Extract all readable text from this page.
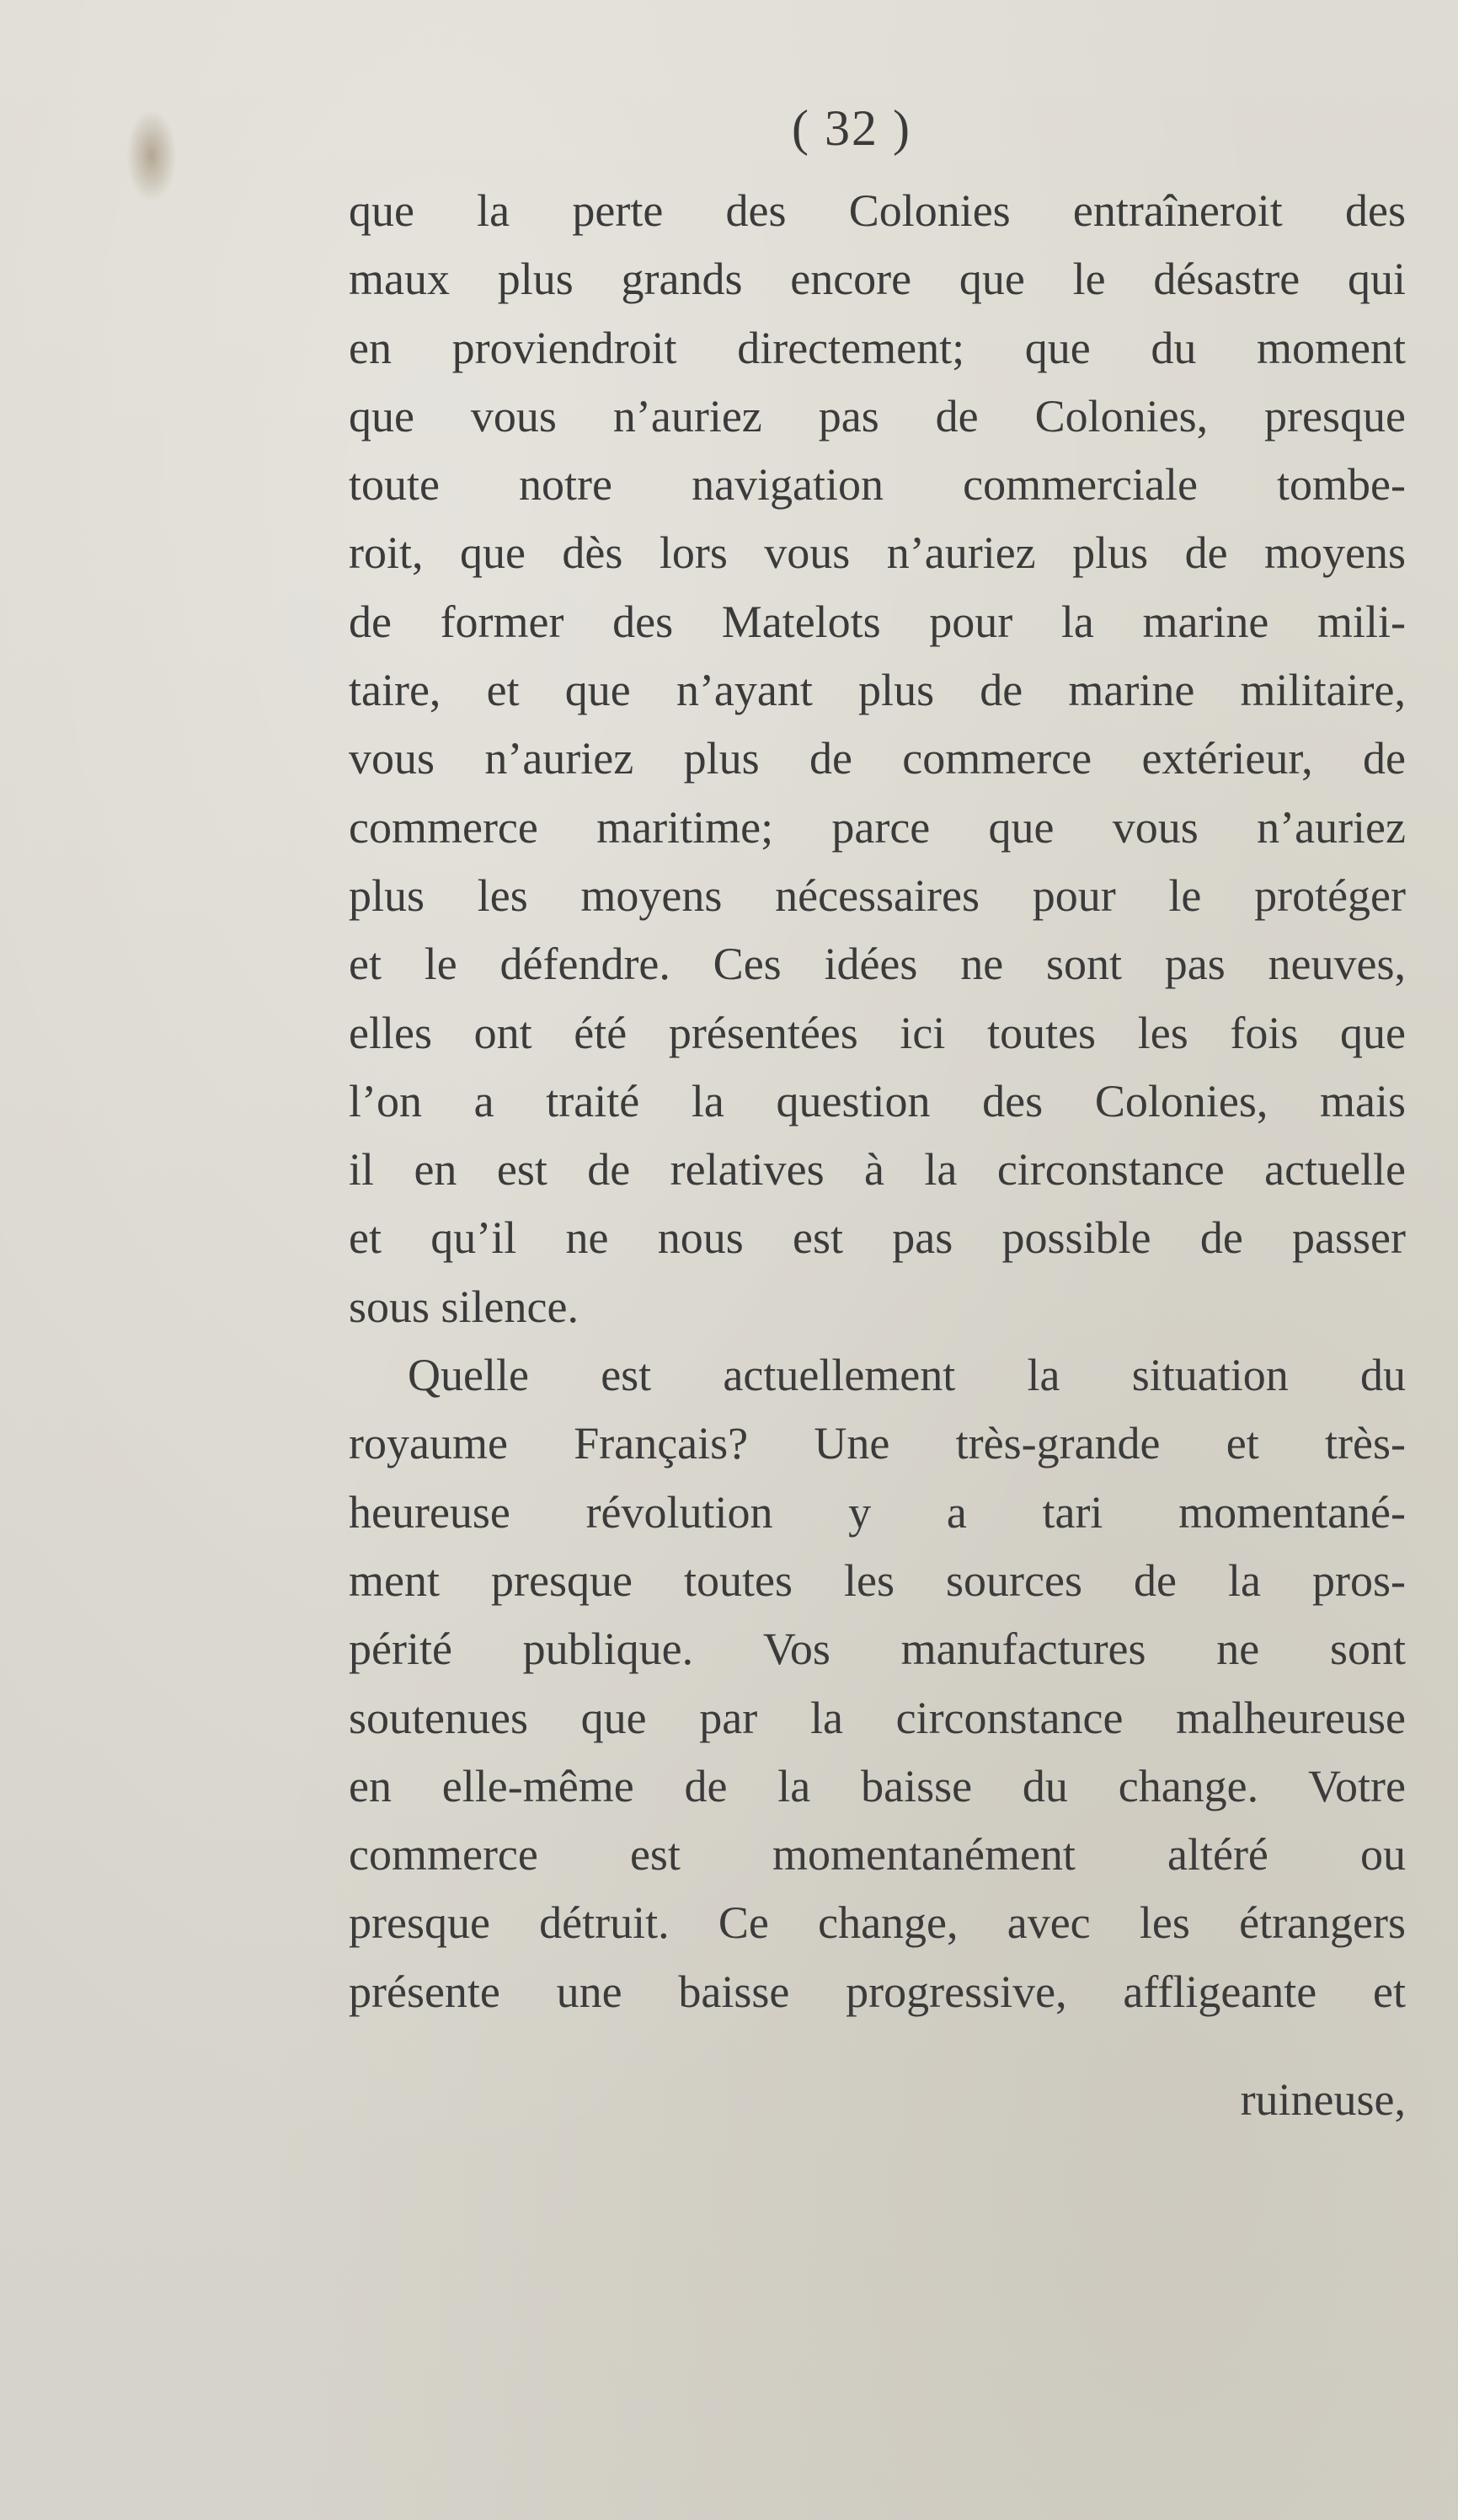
( 32 )
que la perte des Colonies entraîneroit des
maux plus grands encore que le désastre qui
en proviendroit directement; que du moment
que vous n’auriez pas de Colonies, presque
toute notre navigation commerciale tombe-
roit, que dès lors vous n’auriez plus de moyens
de former des Matelots pour la marine mili-
taire, et que n’ayant plus de marine militaire,
vous n’auriez plus de commerce extérieur, de
commerce maritime; parce que vous n’auriez
plus les moyens nécessaires pour le protéger
et le défendre. Ces idées ne sont pas neuves,
elles ont été présentées ici toutes les fois que
l’on a traité la question des Colonies, mais
il en est de relatives à la circonstance actuelle
et qu’il ne nous est pas possible de passer
sous silence.
Quelle est actuellement la situation du
royaume Français? Une très-grande et très-
heureuse révolution y a tari momentané-
ment presque toutes les sources de la pros-
périté publique. Vos manufactures ne sont
soutenues que par la circonstance malheureuse
en elle-même de la baisse du change. Votre
commerce est momentanément altéré ou
presque détruit. Ce change, avec les étrangers
présente une baisse progressive, affligeante et
ruineuse,
